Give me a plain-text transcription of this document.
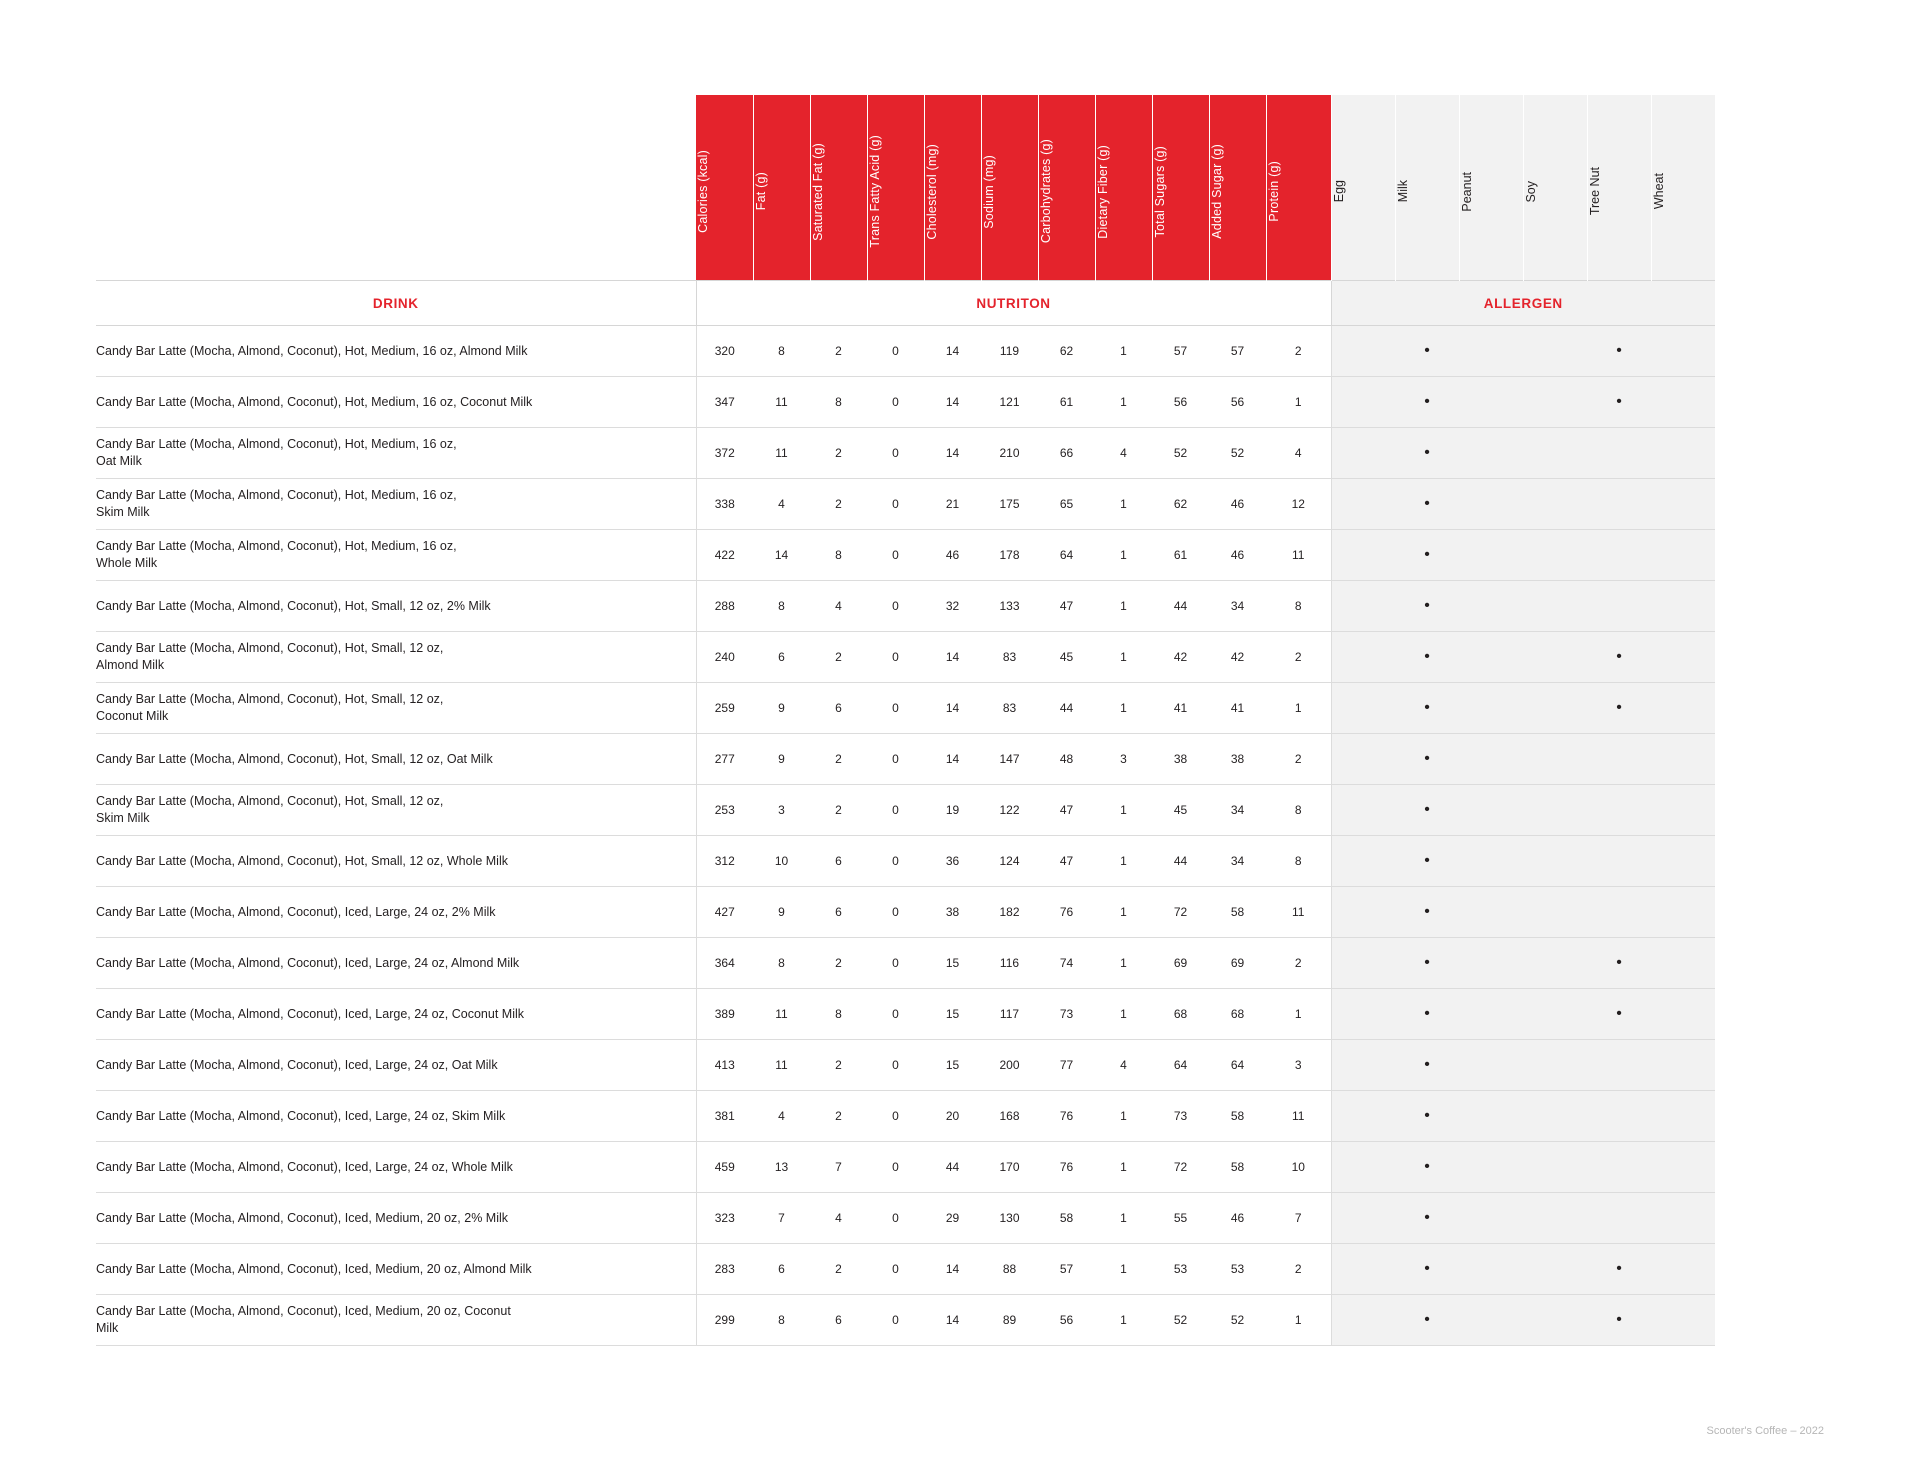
	Calories (kcal)	Fat (g)	Saturated Fat (g)	Trans Fatty Acid (g)	Cholesterol (mg)	Sodium (mg)	Carbohydrates (g)	Dietary Fiber (g)	Total Sugars (g)	Added Sugar (g)	Protein (g)	Egg	Milk	Peanut	Soy	Tree Nut	Wheat

DRINK	NUTRITON											ALLERGEN					
Candy Bar Latte (Mocha, Almond, Coconut), Hot, Medium, 16 oz, Almond Milk	320	8	2	0	14	119	62	1	57	57	2		•			•	
Candy Bar Latte (Mocha, Almond, Coconut), Hot, Medium, 16 oz, Coconut Milk	347	11	8	0	14	121	61	1	56	56	1		•			•	
Candy Bar Latte (Mocha, Almond, Coconut), Hot, Medium, 16 oz,
Oat Milk	372	11	2	0	14	210	66	4	52	52	4		•				
Candy Bar Latte (Mocha, Almond, Coconut), Hot, Medium, 16 oz,
Skim Milk	338	4	2	0	21	175	65	1	62	46	12		•				
Candy Bar Latte (Mocha, Almond, Coconut), Hot, Medium, 16 oz,
Whole Milk	422	14	8	0	46	178	64	1	61	46	11		•				
Candy Bar Latte (Mocha, Almond, Coconut), Hot, Small, 12 oz, 2% Milk	288	8	4	0	32	133	47	1	44	34	8		•				
Candy Bar Latte (Mocha, Almond, Coconut), Hot, Small, 12 oz,
Almond Milk	240	6	2	0	14	83	45	1	42	42	2		•			•	
Candy Bar Latte (Mocha, Almond, Coconut), Hot, Small, 12 oz,
Coconut Milk	259	9	6	0	14	83	44	1	41	41	1		•			•	
Candy Bar Latte (Mocha, Almond, Coconut), Hot, Small, 12 oz, Oat Milk	277	9	2	0	14	147	48	3	38	38	2		•				
Candy Bar Latte (Mocha, Almond, Coconut), Hot, Small, 12 oz,
Skim Milk	253	3	2	0	19	122	47	1	45	34	8		•				
Candy Bar Latte (Mocha, Almond, Coconut), Hot, Small, 12 oz, Whole Milk	312	10	6	0	36	124	47	1	44	34	8		•				
Candy Bar Latte (Mocha, Almond, Coconut), Iced, Large, 24 oz, 2% Milk	427	9	6	0	38	182	76	1	72	58	11		•				
Candy Bar Latte (Mocha, Almond, Coconut), Iced, Large, 24 oz, Almond Milk	364	8	2	0	15	116	74	1	69	69	2		•			•	
Candy Bar Latte (Mocha, Almond, Coconut), Iced, Large, 24 oz, Coconut Milk	389	11	8	0	15	117	73	1	68	68	1		•			•	
Candy Bar Latte (Mocha, Almond, Coconut), Iced, Large, 24 oz, Oat Milk	413	11	2	0	15	200	77	4	64	64	3		•				
Candy Bar Latte (Mocha, Almond, Coconut), Iced, Large, 24 oz, Skim Milk	381	4	2	0	20	168	76	1	73	58	11		•				
Candy Bar Latte (Mocha, Almond, Coconut), Iced, Large, 24 oz, Whole Milk	459	13	7	0	44	170	76	1	72	58	10		•				
Candy Bar Latte (Mocha, Almond, Coconut), Iced, Medium, 20 oz, 2% Milk	323	7	4	0	29	130	58	1	55	46	7		•				
Candy Bar Latte (Mocha, Almond, Coconut), Iced, Medium, 20 oz, Almond Milk	283	6	2	0	14	88	57	1	53	53	2		•			•	
Candy Bar Latte (Mocha, Almond, Coconut), Iced, Medium, 20 oz, Coconut
Milk	299	8	6	0	14	89	56	1	52	52	1		•			•	
Scooter's Coffee – 2022
